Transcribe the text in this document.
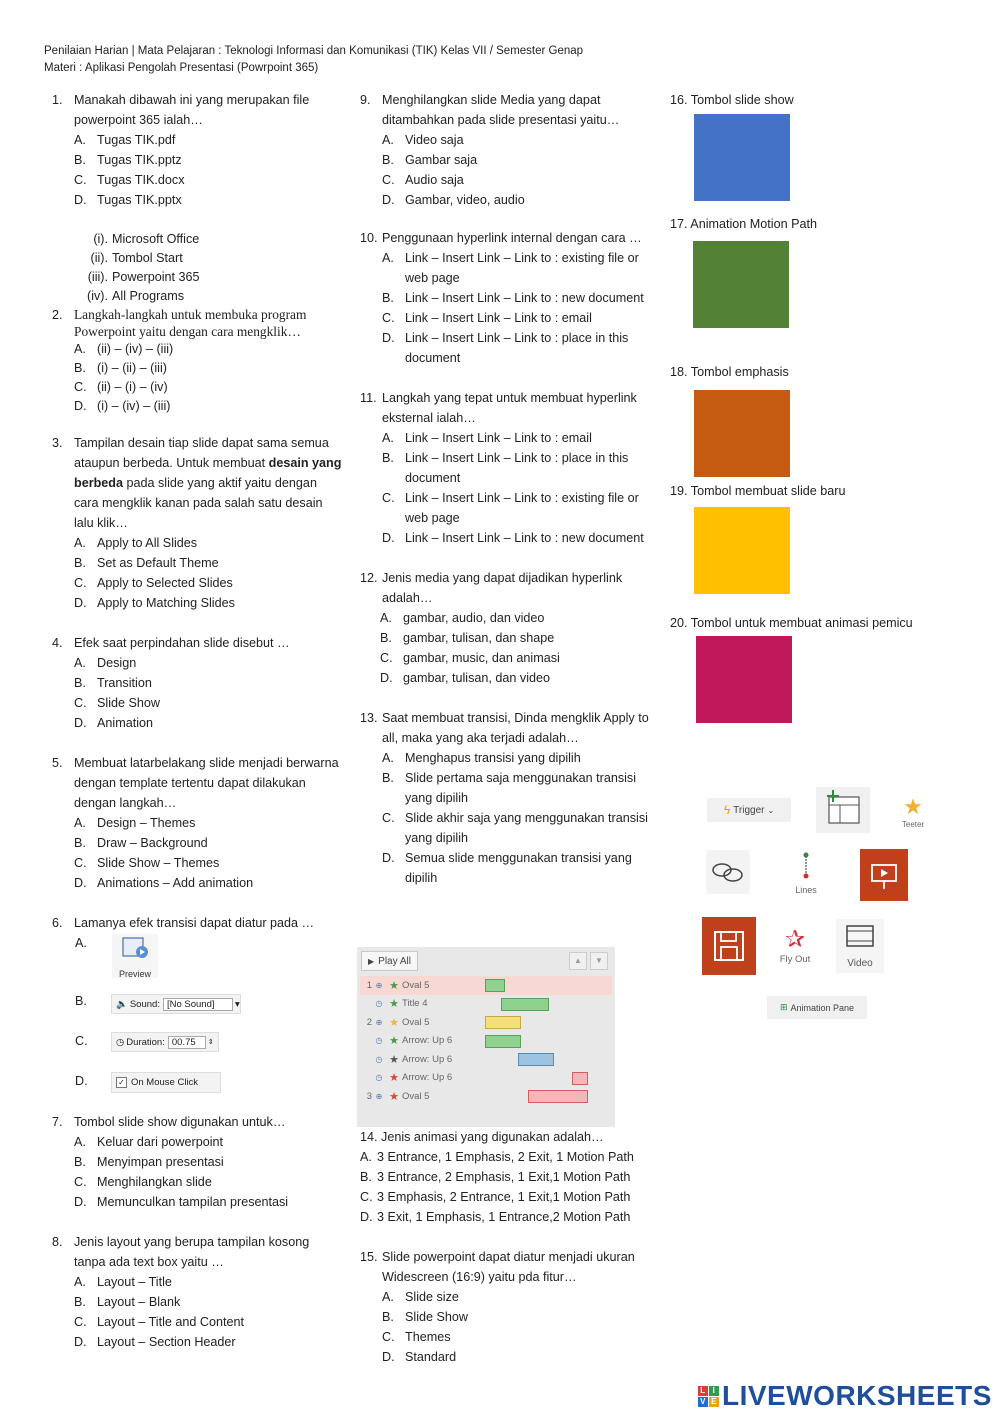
Penilaian Harian | Mata Pelajaran : Teknologi Informasi dan Komunikasi (TIK) Kelas VII / Semester Genap
Materi : Aplikasi Pengolah Presentasi (Powrpoint 365)
1. Manakah dibawah ini yang merupakan file powerpoint 365 ialah…
A. Tugas TIK.pdf
B. Tugas TIK.pptz
C. Tugas TIK.docx
D. Tugas TIK.pptx
(i). Microsoft Office
(ii). Tombol Start
(iii). Powerpoint 365
(iv). All Programs
2. Langkah-langkah untuk membuka program Powerpoint yaitu dengan cara mengklik…
A. (ii) – (iv) – (iii)
B. (i) – (ii) – (iii)
C. (ii) – (i) – (iv)
D. (i) – (iv) – (iii)
3. Tampilan desain tiap slide dapat sama semua ataupun berbeda. Untuk membuat desain yang berbeda pada slide yang aktif yaitu dengan cara mengklik kanan pada salah satu desain lalu klik…
A. Apply to All Slides
B. Set as Default Theme
C. Apply to Selected Slides
D. Apply to Matching Slides
4. Efek saat perpindahan slide disebut …
A. Design
B. Transition
C. Slide Show
D. Animation
5. Membuat latarbelakang slide menjadi berwarna dengan template tertentu dapat dilakukan dengan langkah…
A. Design – Themes
B. Draw – Background
C. Slide Show – Themes
D. Animations – Add animation
6. Lamanya efek transisi dapat diatur pada …
A.
Preview
B.	🔈 Sound: [No Sound]	▾
C.	◷ Duration: 00.75	⇕
D.	✓ On Mouse Click
7. Tombol slide show digunakan untuk…
A. Keluar dari powerpoint
B. Menyimpan presentasi
C. Menghilangkan slide
D. Memunculkan tampilan presentasi
8. Jenis layout yang berupa tampilan kosong tanpa ada text box yaitu …
A. Layout – Title
B. Layout – Blank
C. Layout – Title and Content
D. Layout – Section Header
9. Menghilangkan slide Media yang dapat ditambahkan pada slide presentasi yaitu…
A. Video saja
B. Gambar saja
C. Audio saja
D. Gambar, video, audio
10. Penggunaan hyperlink internal dengan cara …
A. Link – Insert Link – Link to : existing file or web page
B. Link – Insert Link – Link to : new document
C. Link – Insert Link – Link to : email
D. Link – Insert Link – Link to : place in this document
11. Langkah yang tepat untuk membuat hyperlink eksternal ialah…
A. Link – Insert Link – Link to : email
B. Link – Insert Link – Link to : place in this document
C. Link – Insert Link – Link to : existing file or web page
D. Link – Insert Link – Link to : new document
12. Jenis media yang dapat dijadikan hyperlink adalah…
A. gambar, audio, dan video
B. gambar, tulisan, dan shape
C. gambar, music, dan animasi
D. gambar, tulisan, dan video
13. Saat membuat transisi, Dinda mengklik Apply to all, maka yang aka terjadi adalah…
A. Menghapus transisi yang dipilih
B. Slide pertama saja menggunakan transisi yang dipilih
C. Slide akhir saja yang menggunakan transisi yang dipilih
D. Semua slide menggunakan transisi yang dipilih
▶ Play All	▲	▼
1 ⊕ ★ Oval 5
◷ ★ Title 4
2 ⊕ ★ Oval 5
◷ ★ Arrow: Up 6
◷ ★ Arrow: Up 6
◷ ★ Arrow: Up 6
3 ⊕ ★ Oval 5
14. Jenis animasi yang digunakan adalah…
A. 3 Entrance, 1 Emphasis, 2 Exit, 1 Motion Path
B. 3 Entrance, 2 Emphasis, 1 Exit,1 Motion Path
C. 3 Emphasis, 2 Entrance, 1 Exit,1 Motion Path
D. 3 Exit, 1 Emphasis, 1 Entrance,2 Motion Path
15. Slide powerpoint dapat diatur menjadi ukuran Widescreen (16:9) yaitu pda fitur…
A. Slide size
B. Slide Show
C. Themes
D. Standard
16. Tombol slide show
17. Animation Motion Path
18. Tombol emphasis
19. Tombol membuat slide baru
20. Tombol untuk membuat animasi pemicu
ϟ Trigger ⌄	★
Teeter
Lines
✰
Fly Out	Video
⊞ Animation Pane
L I
V E LIVEWORKSHEETS
